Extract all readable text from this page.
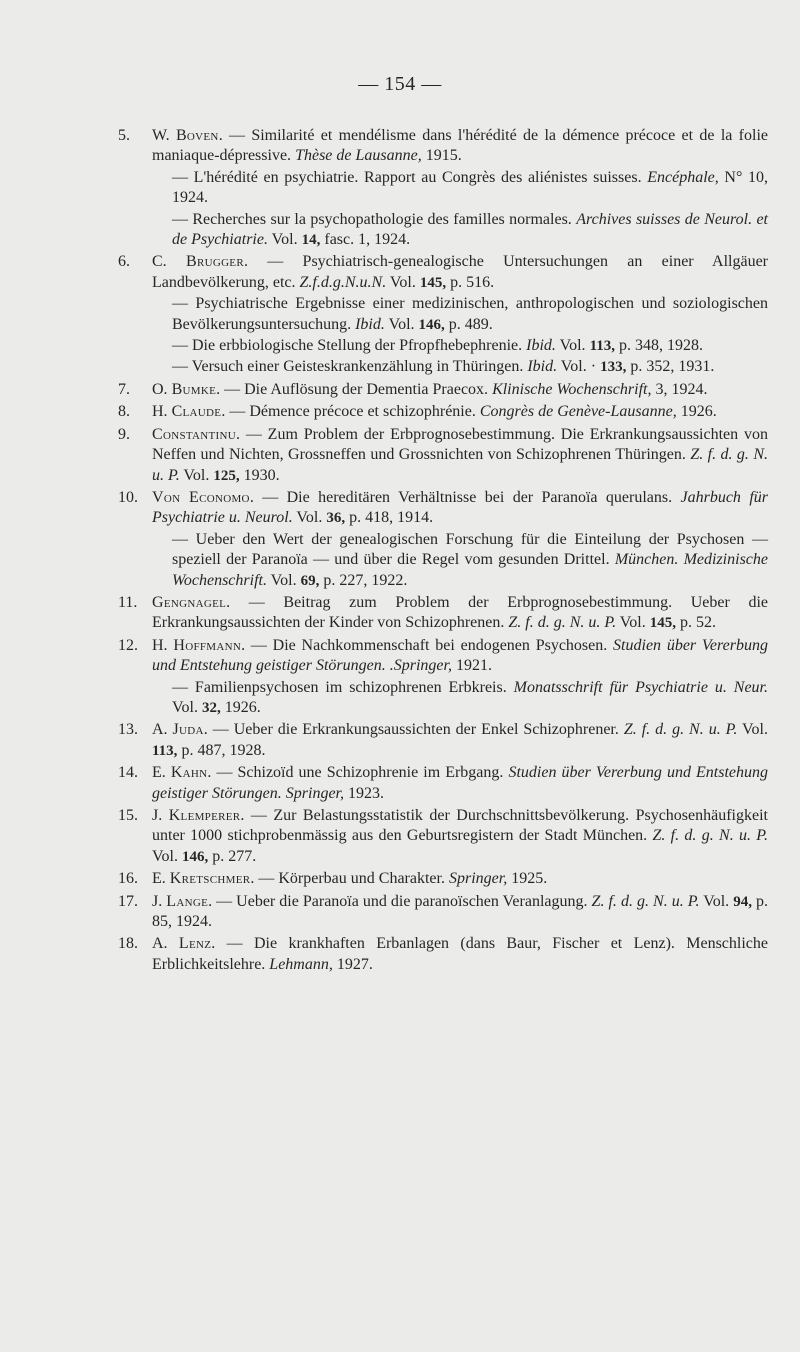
— 154 —
5.	W. Boven. — Similarité et mendélisme dans l'hérédité de la démence précoce et de la folie maniaque-dépressive. Thèse de Lausanne, 1915.
— L'hérédité en psychiatrie. Rapport au Congrès des aliénistes suisses. Encéphale, N° 10, 1924.
— Recherches sur la psychopathologie des familles normales. Archives suisses de Neurol. et de Psychiatrie. Vol. 14, fasc. 1, 1924.
6.	C. Brugger. — Psychiatrisch-genealogische Untersuchungen an einer Allgäuer Landbevölkerung, etc. Z.f.d.g.N.u.N. Vol. 145, p. 516.
— Psychiatrische Ergebnisse einer medizinischen, anthropologischen und soziologischen Bevölkerungsuntersuchung. Ibid. Vol. 146, p. 489.
— Die erbbiologische Stellung der Pfropfhebephrenie. Ibid. Vol. 113, p. 348, 1928.
— Versuch einer Geisteskrankenzählung in Thüringen. Ibid. Vol. · 133, p. 352, 1931.
7.	O. Bumke. — Die Auflösung der Dementia Praecox. Klinische Wochenschrift, 3, 1924.
8.	H. Claude. — Démence précoce et schizophrénie. Congrès de Genève-Lausanne, 1926.
9.	Constantinu. — Zum Problem der Erbprognosebestimmung. Die Erkrankungsaussichten von Neffen und Nichten, Grossneffen und Grossnichten von Schizophrenen Thüringen. Z. f. d. g. N. u. P. Vol. 125, 1930.
10. Von Economo. — Die hereditären Verhältnisse bei der Paranoïa querulans. Jahrbuch für Psychiatrie u. Neurol. Vol. 36, p. 418, 1914.
— Ueber den Wert der genealogischen Forschung für die Einteilung der Psychosen — speziell der Paranoïa — und über die Regel vom gesunden Drittel. München. Medizinische Wochenschrift. Vol. 69, p. 227, 1922.
11. Gengnagel. — Beitrag zum Problem der Erbprognosebestimmung. Ueber die Erkrankungsaussichten der Kinder von Schizophrenen. Z. f. d. g. N. u. P. Vol. 145, p. 52.
12. H. Hoffmann. — Die Nachkommenschaft bei endogenen Psychosen. Studien über Vererbung und Entstehung geistiger Störungen. .Springer, 1921.
— Familienpsychosen im schizophrenen Erbkreis. Monatsschrift für Psychiatrie u. Neur. Vol. 32, 1926.
13. A. Juda. — Ueber die Erkrankungsaussichten der Enkel Schizophrener. Z. f. d. g. N. u. P. Vol. 113, p. 487, 1928.
14. E. Kahn. — Schizoïd une Schizophrenie im Erbgang. Studien über Vererbung und Entstehung geistiger Störungen. Springer, 1923.
15. J. Klemperer. — Zur Belastungsstatistik der Durchschnittsbevölkerung. Psychosenhäufigkeit unter 1000 stichprobenmässig aus den Geburtsregistern der Stadt München. Z. f. d. g. N. u. P. Vol. 146, p. 277.
16. E. Kretschmer. — Körperbau und Charakter. Springer, 1925.
17. J. Lange. — Ueber die Paranoïa und die paranoïschen Veranlagung. Z. f. d. g. N. u. P. Vol. 94, p. 85, 1924.
18. A. Lenz. — Die krankhaften Erbanlagen (dans Baur, Fischer et Lenz). Menschliche Erblichkeitslehre. Lehmann, 1927.
